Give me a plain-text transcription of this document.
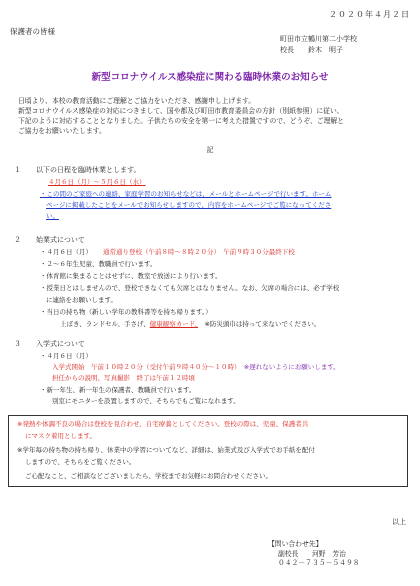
２０２０年４月２日
保護者の皆様
町田市立鶴川第二小学校
校長　　鈴木　明子
新型コロナウイルス感染症に関わる臨時休業のお知らせ

日頃より、本校の教育活動にご理解とご協力をいただき、感謝申し上げます。

新型コロナウイルス感染症の対応につきまして、国や都及び町田市教育委員会の方針（別紙参照）に従い、

下記のように対応することとなりました。子供たちの安全を第一に考えた措置ですので、どうぞ、ご理解と

ご協力をお願いいたします。

記
１ 以下の日程を臨時休業とします。
４月６日（月）～５月６日（水）
・この間のご家庭への連絡、家庭学習のお知らせなどは、メールとホームページで行います。ホーム
ページに掲載したことをメールでお知らせしますので、内容をホームページでご覧になってくださ
い。
２ 始業式について
・４月６日（月） 通常通り登校（午前８時～８時２０分）　午前９時３０分最終下校
・２～６年生児童、教職員で行います。
・体育館に集まることはせずに、教室で放送により行います。
・授業日とはしませんので、登校できなくても欠席とはなりません。なお、欠席の場合には、必ず学校
に連絡をお願いします。
・当日の持ち物（新しい学年の教科書等を持ち帰ります。）
上ばき、ランドセル、手さげ、健康観察カード、　 ※防災頭巾は持って来ないでください。
３ 入学式について
・４月６日（月）
入学式開始　午前１０時２０分（受付午前９時４０分～１０時）　 ※遅れないようにお願いします。
担任からの説明、写真撮影　終了は午前１２時頃
・新一年生、新一年生の保護者、教職員で行います。
別室にモニターを設置しますので、そちらでもご覧になれます。
※発熱や体調不良の場合は登校を見合わせ、自宅療養としてください。登校の際は、児童、保護者共
にマスク着用とします。
※学年毎の持ち物の持ち帰り、休業中の学習についてなど、詳細は、始業式及び入学式でお手紙を配付
しますので、そちらをご覧ください。
ご心配なこと、ご相談などございましたら、学校までお気軽にお問合わせください。
以上
【問い合わせ先】
副校長　　河野　芳治
０４２－７３５－５４９８
